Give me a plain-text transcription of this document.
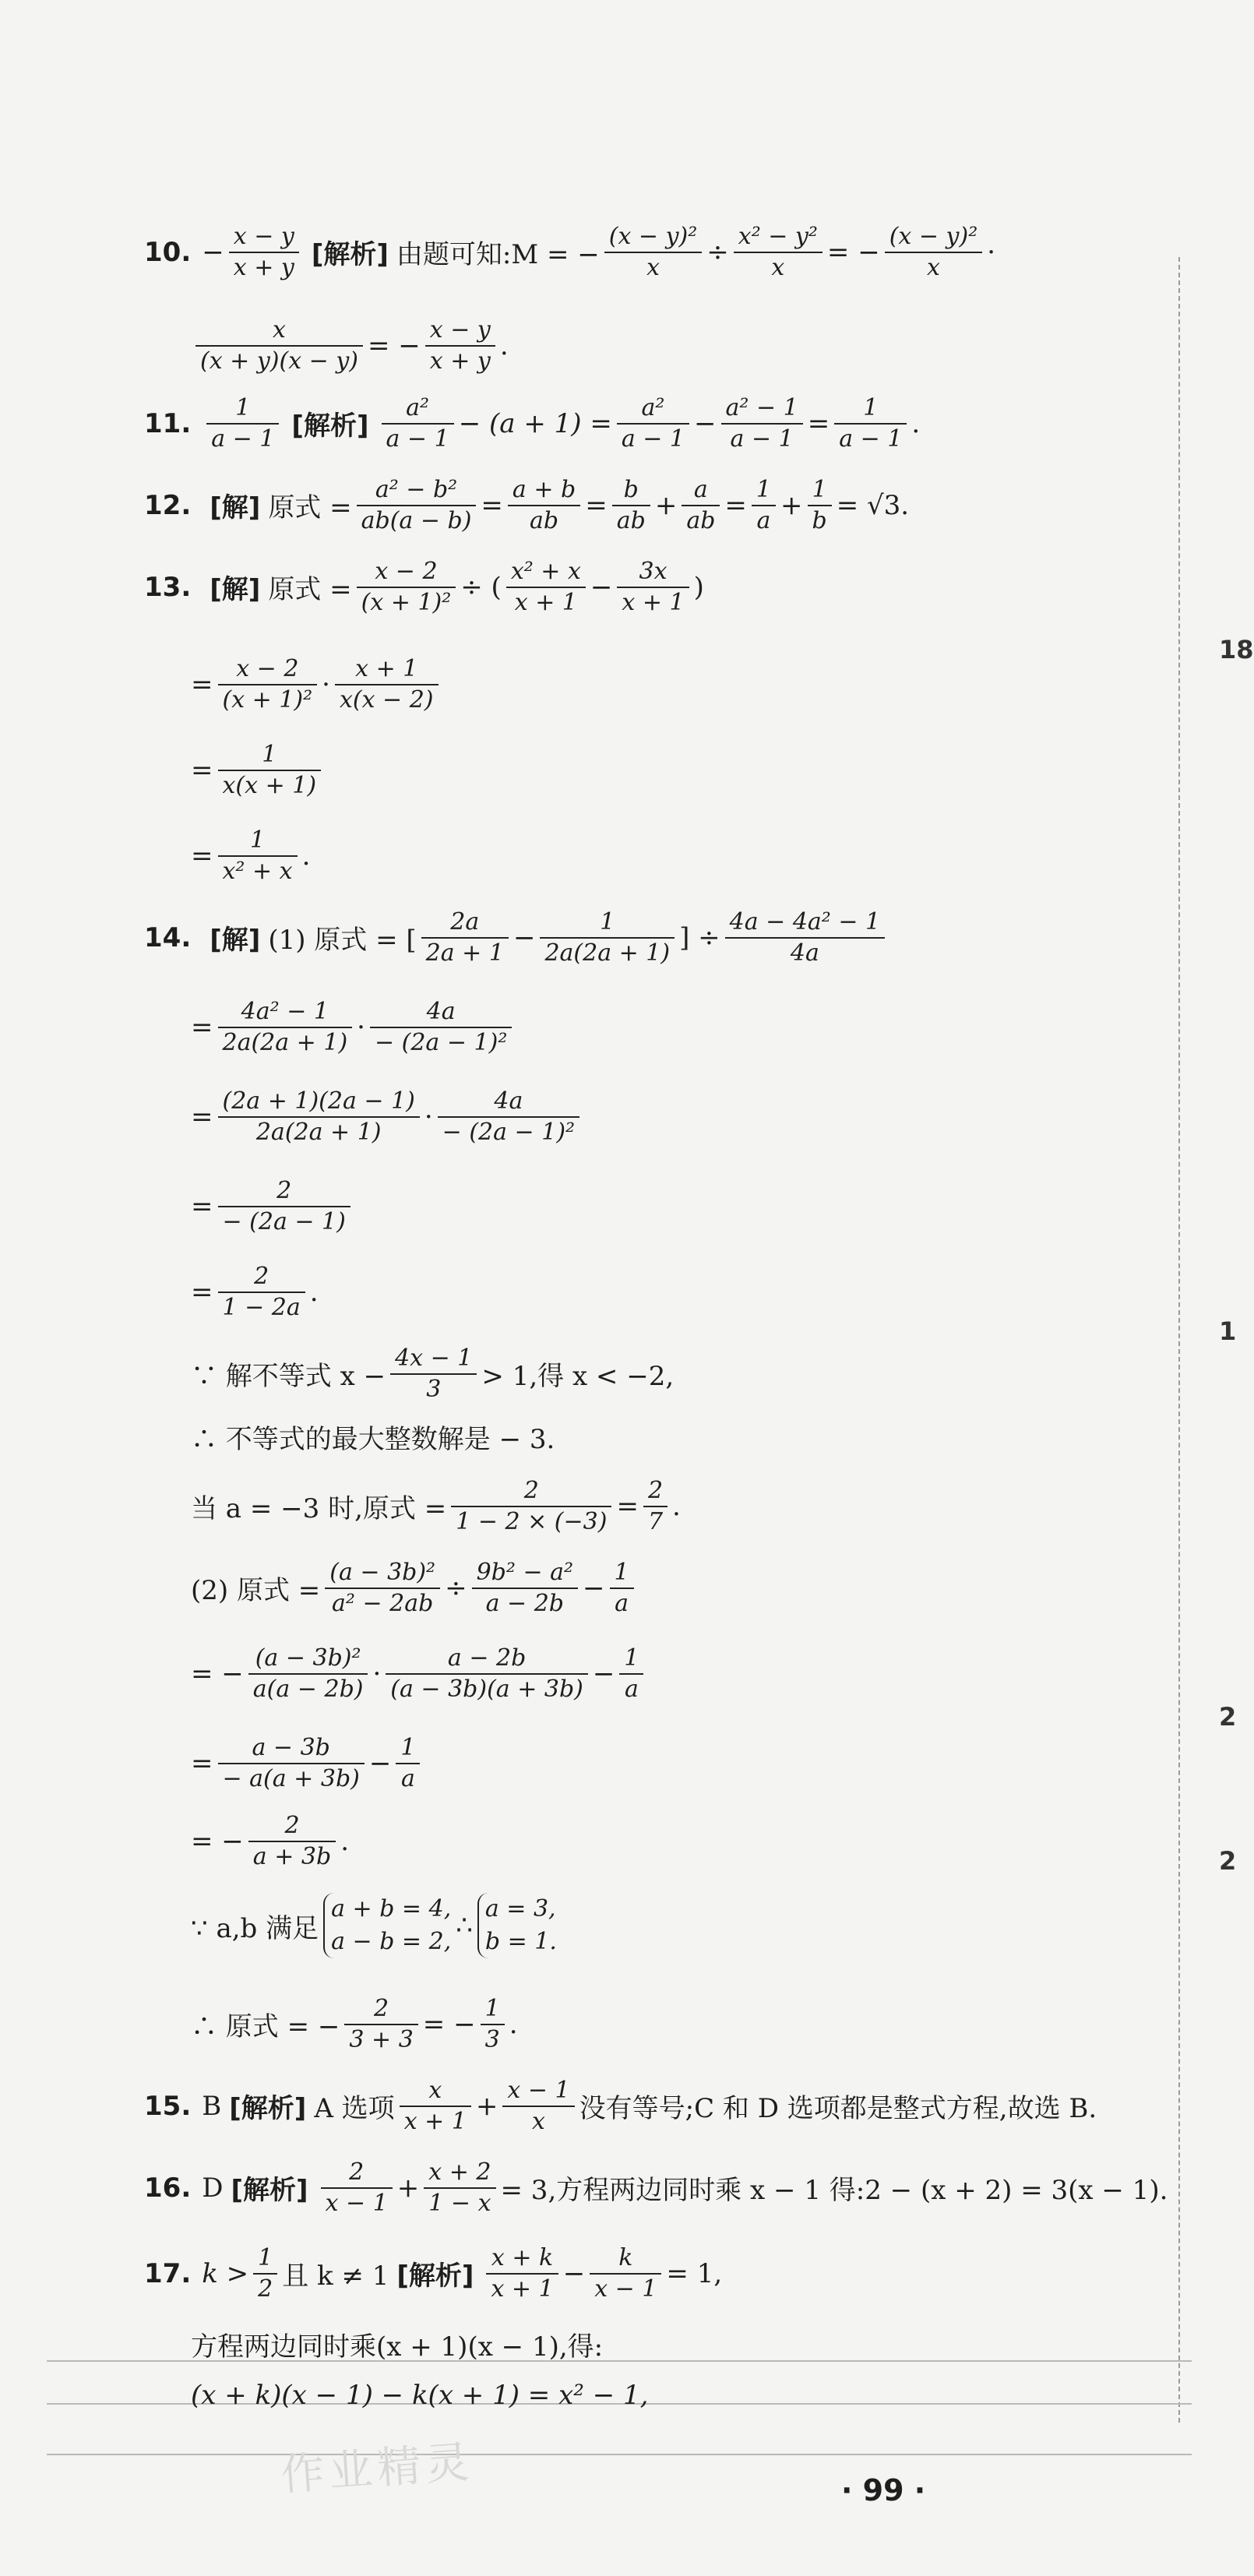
18
1
2
2
10. − x − y
x + y [解析] 由题可知:M = −
(x − y)²
x ÷ x² − y²
x = − (x − y)²
x ·
x
(x + y)(x − y) = − x − y
x + y .
11. 1
a − 1 [解析]
a²
a − 1 − (a + 1) = a²
a − 1 − a² − 1
a − 1 = 1
a − 1 .
12. [解] 原式 =
a² − b²
ab(a − b) = a + b
ab = b
ab + a
ab = 1
a + 1
b = √3.
13. [解] 原式 =
x − 2
(x + 1)² ÷ ( x² + x
x + 1 − 3x
x + 1 )
= x − 2
(x + 1)² · x + 1
x(x − 2)
= 1
x(x + 1)
= 1
x² + x .
14. [解] (1) 原式 = [
2a
2a + 1 −	1
2a(2a + 1) ] ÷ 4a − 4a² − 1
4a
= 4a² − 1
2a(2a + 1) ·	4a
− (2a − 1)²
= (2a + 1)(2a − 1)
2a(2a + 1) ·	4a
− (2a − 1)²
=	2
− (2a − 1)
= 2
1 − 2a .
∵ 解不等式 x −
4x − 1
3 > 1,得 x < −2,
∴ 不等式的最大整数解是 − 3.
当 a = −3 时,原式 =
2
1 − 2 × (−3) = 2
7 .
(2) 原式 =
(a − 3b)²
a² − 2ab ÷ 9b² − a²
a − 2b − 1
a
= − (a − 3b)²
a(a − 2b) ·	a − 2b
(a − 3b)(a + 3b) − 1
a
= a − 3b
− a(a + 3b) − 1
a
= − 2
a + 3b .
∵ a,b 满足
a + b = 4,
a − b = 2,
∴
a = 3,
b = 1.
∴ 原式 = −
2
3 + 3 = − 1
3 .
15. B [解析] A 选项
x
x + 1 + x − 1
x 没有等号;C 和 D 选项都是整式方程,故选 B.
16. D [解析]
2
x − 1 + x + 2
1 − x = 3,方程两边同时乘 x − 1 得:2 − (x + 2) = 3(x − 1).
17. k > 1
2 且 k ≠ 1 [解析]
x + k
x + 1 − k
x − 1 = 1,
方程两边同时乘(x + 1)(x − 1),得:
(x + k)(x − 1) − k(x + 1) = x² − 1,
作业精灵	· 99 ·
